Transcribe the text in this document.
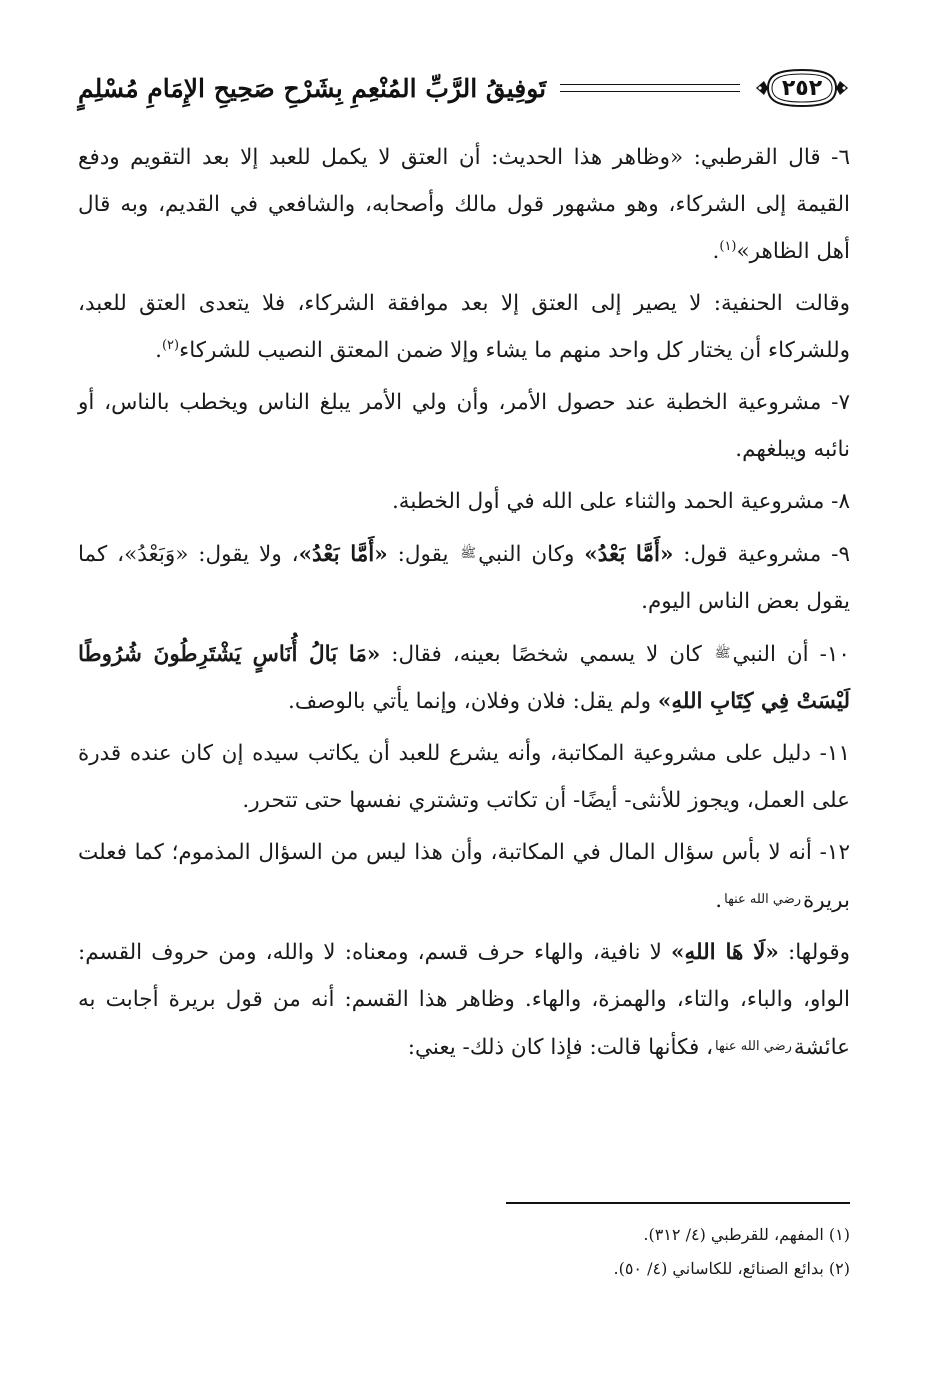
٢٥٢
تَوفِيقُ الرَّبِّ المُنْعِمِ بِشَرْحِ صَحِيحِ الإِمَامِ مُسْلِمٍ

٦- قال القرطبي: «وظاهر هذا الحديث: أن العتق لا يكمل للعبد إلا بعد التقويم ودفع القيمة إلى الشركاء، وهو مشهور قول مالك وأصحابه، والشافعي في القديم، وبه قال أهل الظاهر»$^{(١)}$.

وقالت الحنفية: لا يصير إلى العتق إلا بعد موافقة الشركاء، فلا يتعدى العتق للعبد، وللشركاء أن يختار كل واحد منهم ما يشاء وإلا ضمن المعتق النصيب للشركاء$^{(٢)}$.

٧- مشروعية الخطبة عند حصول الأمر، وأن ولي الأمر يبلغ الناس ويخطب بالناس، أو نائبه ويبلغهم.

٨- مشروعية الحمد والثناء على الله في أول الخطبة.

٩- مشروعية قول: «أَمَّا بَعْدُ» وكان النبيﷺ يقول: «أَمَّا بَعْدُ»، ولا يقول: «وَبَعْدُ»، كما يقول بعض الناس اليوم.

١٠- أن النبيﷺ كان لا يسمي شخصًا بعينه، فقال: «مَا بَالُ أُنَاسٍ يَشْتَرِطُونَ شُرُوطًا لَيْسَتْ فِي كِتَابِ اللهِ» ولم يقل: فلان وفلان، وإنما يأتي بالوصف.

١١- دليل على مشروعية المكاتبة، وأنه يشرع للعبد أن يكاتب سيده إن كان عنده قدرة على العمل، ويجوز للأنثى- أيضًا- أن تكاتب وتشتري نفسها حتى تتحرر.

١٢- أنه لا بأس سؤال المال في المكاتبة، وأن هذا ليس من السؤال المذموم؛ كما فعلت بريرةرضي الله عنها.

وقولها: «لَا هَا اللهِ» لا نافية، والهاء حرف قسم، ومعناه: لا والله، ومن حروف القسم: الواو، والباء، والتاء، والهمزة، والهاء. وظاهر هذا القسم: أنه من قول بريرة أجابت به عائشةرضي الله عنها، فكأنها قالت: فإذا كان ذلك- يعني:

(١) المفهم، للقرطبي (٤/ ٣١٢).
(٢) بدائع الصنائع، للكاساني (٤/ ٥٠).
